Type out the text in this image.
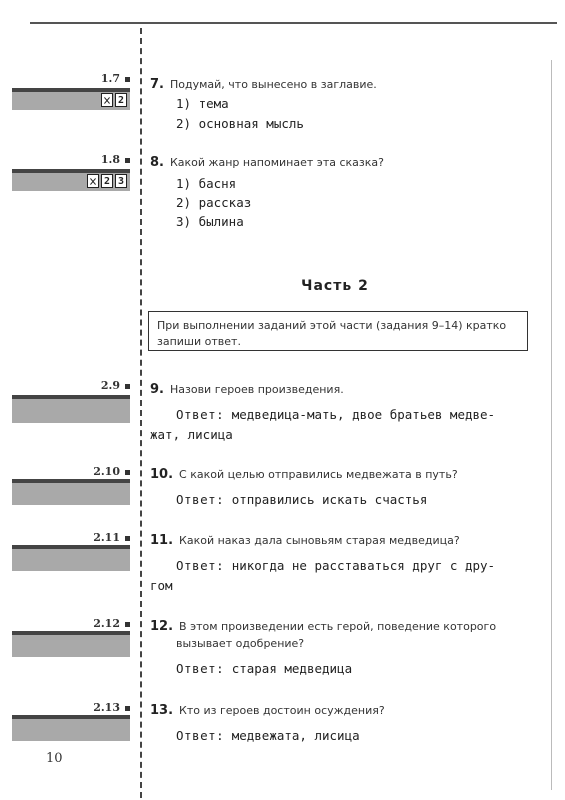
1.7
2
1.8
2 3
2.9
2.10
2.11
2.12
2.13
7. Подумай, что вынесено в заглавие.
1) тема
2) основная мысль
8. Какой жанр напоминает эта сказка?
1) басня
2) рассказ
3) былина
Часть 2
При выполнении заданий этой части (задания 9–14) кратко запиши ответ.
9. Назови героев произведения.
Ответ: медведица-мать, двое братьев медве-
жат, лисица
10. С какой целью отправились медвежата в путь?
Ответ: отправились искать счастья
11. Какой наказ дала сыновьям старая медведица?
Ответ: никогда не расставаться друг с дру-
гом
12. В этом произведении есть герой, поведение которого
вызывает одобрение?
Ответ: старая медведица
13. Кто из героев достоин осуждения?
Ответ: медвежата, лисица
10
